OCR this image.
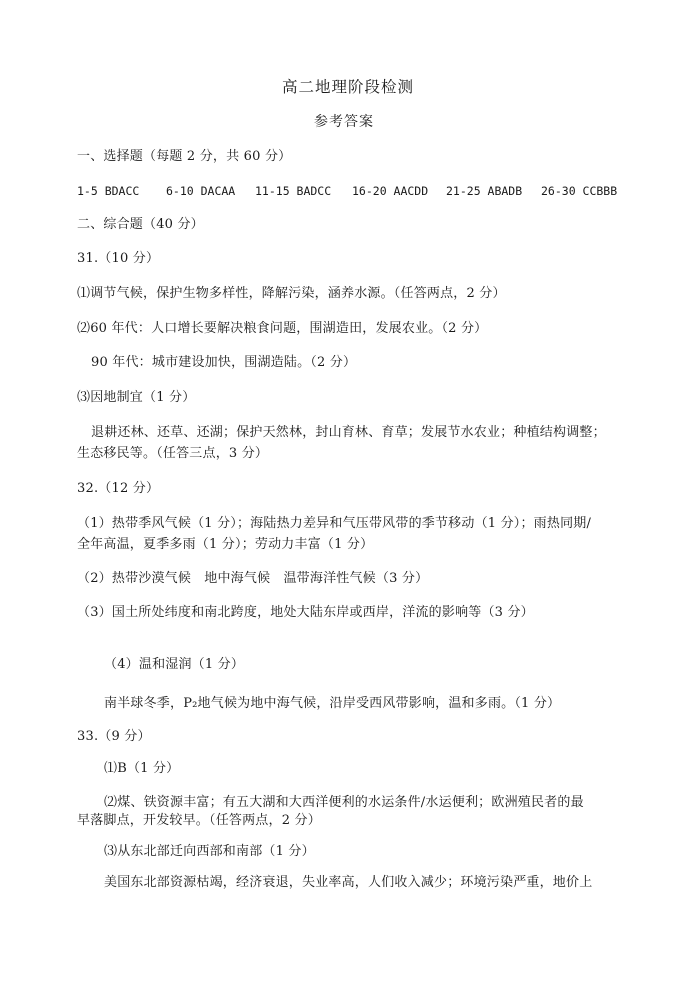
高二地理阶段检测
参考答案
一、选择题（每题 2 分，共 60 分）
1-5 BDACC 6-10 DACAA 11-15 BADCC 16-20 AACDD 21-25 ABADB 26-30 CCBBB
二、综合题（40 分）
31.（10 分）
⑴调节气候，保护生物多样性，降解污染，涵养水源。（任答两点，2 分）
⑵60 年代：人口增长要解决粮食问题，围湖造田，发展农业。（2 分）
90 年代：城市建设加快，围湖造陆。（2 分）
⑶因地制宜（1 分）
退耕还林、还草、还湖；保护天然林，封山育林、育草；发展节水农业；种植结构调整；
生态移民等。（任答三点，3 分）
32.（12 分）
（1）热带季风气候（1 分）；海陆热力差异和气压带风带的季节移动（1 分）；雨热同期/
全年高温，夏季多雨（1 分）；劳动力丰富（1 分）
（2）热带沙漠气候　地中海气候　温带海洋性气候（3 分）
（3）国土所处纬度和南北跨度，地处大陆东岸或西岸，洋流的影响等（3 分）
（4）温和湿润（1 分）
南半球冬季，P₂地气候为地中海气候，沿岸受西风带影响，温和多雨。（1 分）
33.（9 分）
⑴B（1 分）
⑵煤、铁资源丰富；有五大湖和大西洋便利的水运条件/水运便利；欧洲殖民者的最
早落脚点，开发较早。（任答两点，2 分）
⑶从东北部迁向西部和南部（1 分）
美国东北部资源枯竭，经济衰退，失业率高，人们收入减少；环境污染严重，地价上
